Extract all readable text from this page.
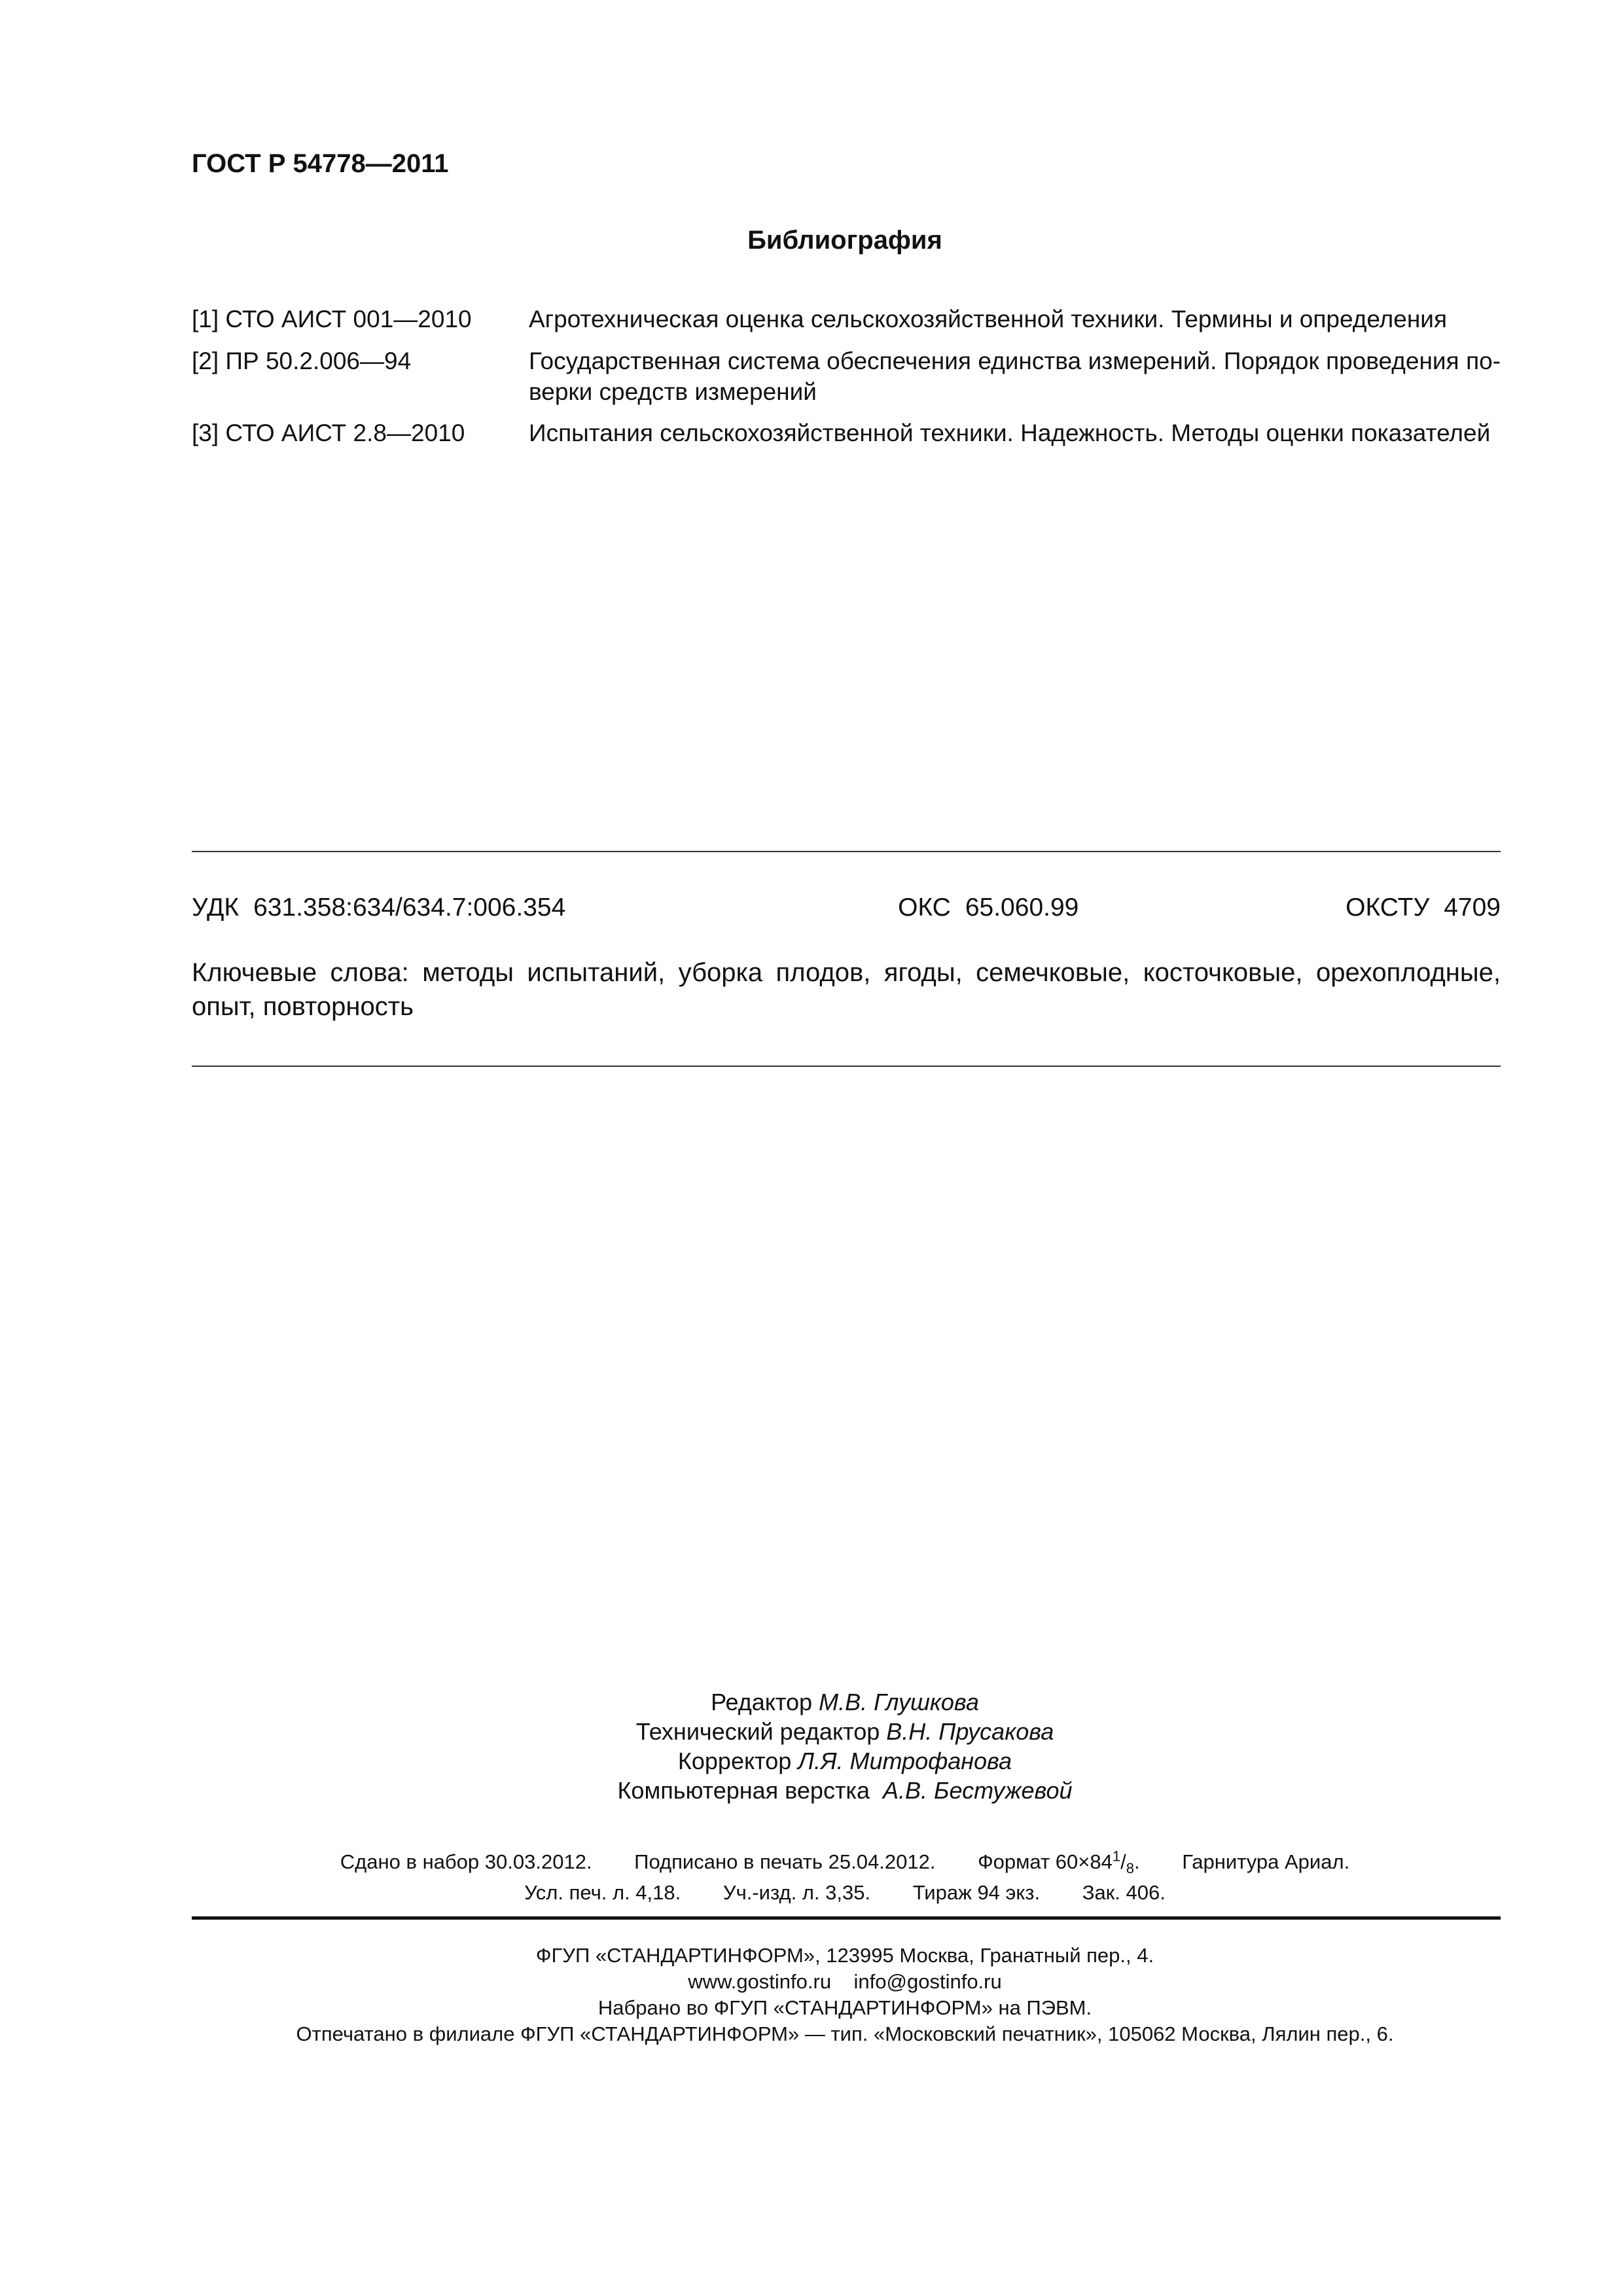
ГОСТ Р 54778—2011
Библиография
[1] СТО АИСТ 001—2010 Агротехническая оценка сельскохозяйственной техники. Термины и определения
[2] ПР 50.2.006—94	Государственная система обеспечения единства измерений. Порядок проведения по-верки средств измерений
[3] СТО АИСТ 2.8—2010	Испытания сельскохозяйственной техники. Надежность. Методы оценки показателей
УДК 631.358:634/634.7:006.354	ОКС 65.060.99	ОКСТУ 4709
Ключевые слова: методы испытаний, уборка плодов, ягоды, семечковые, косточковые, орехоплодные, опыт, повторность
Редактор М.В. Глушкова
Технический редактор В.Н. Прусакова
Корректор Л.Я. Митрофанова
Компьютерная верстка А.В. Бестужевой
Сдано в набор 30.03.2012. Подписано в печать 25.04.2012. Формат $60\times 84^1/_8$. Гарнитура Ариал.
Усл. печ. л. 4,18. Уч.-изд. л. 3,35. Тираж 94 экз. Зак. 406.
ФГУП «СТАНДАРТИНФОРМ», 123995 Москва, Гранатный пер., 4.
www.gostinfo.ru info@gostinfo.ru
Набрано во ФГУП «СТАНДАРТИНФОРМ» на ПЭВМ.
Отпечатано в филиале ФГУП «СТАНДАРТИНФОРМ» — тип. «Московский печатник», 105062 Москва, Лялин пер., 6.
